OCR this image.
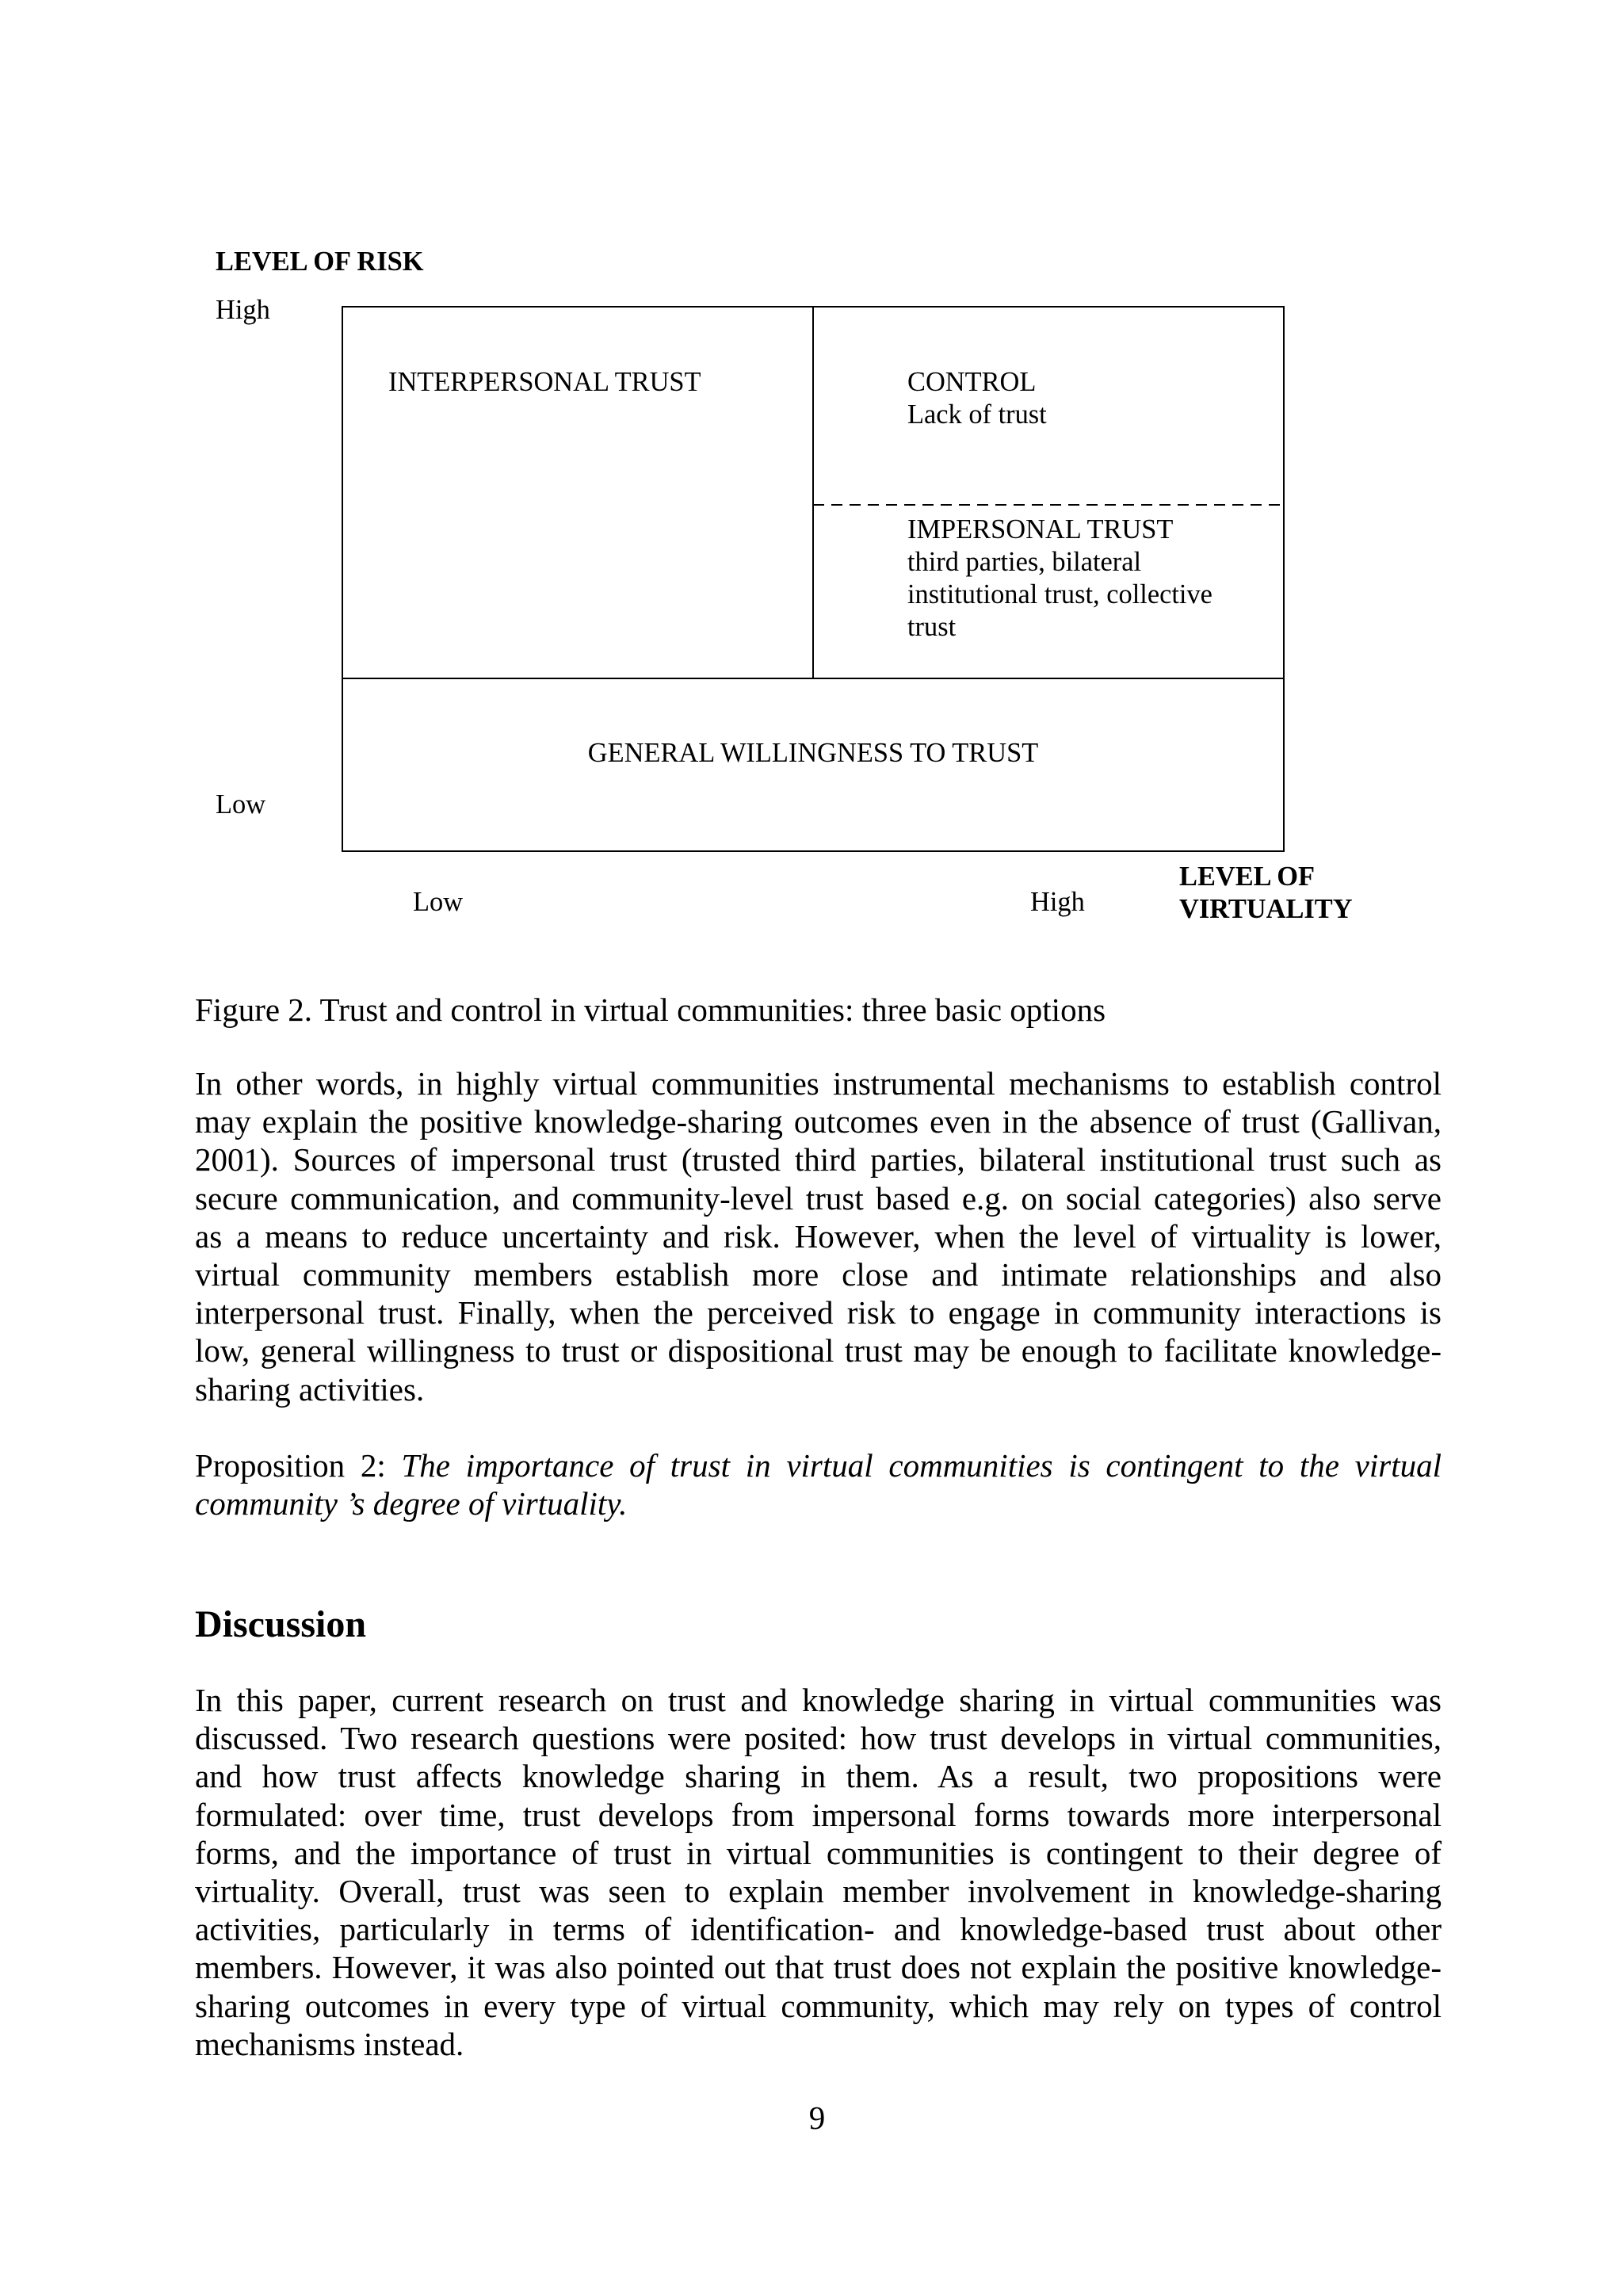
LEVEL OF RISK
High
Low
INTERPERSONAL TRUST	CONTROL
Lack of trust
IMPERSONAL TRUST
third parties, bilateral
institutional trust, collective
trust
GENERAL WILLINGNESS TO TRUST
Low	High
LEVEL OF
VIRTUALITY
Figure 2. Trust and control in virtual communities: three basic options
In other words, in highly virtual communities instrumental mechanisms to establish control
may explain the positive knowledge-sharing outcomes even in the absence of trust (Gallivan,
2001). Sources of impersonal trust (trusted third parties, bilateral institutional trust such as
secure communication, and community-level trust based e.g. on social categories) also serve
as a means to reduce uncertainty and risk. However, when the level of virtuality is lower,
virtual community members establish more close and intimate relationships and also
interpersonal trust. Finally, when the perceived risk to engage in community interactions is
low, general willingness to trust or dispositional trust may be enough to facilitate knowledge-
sharing activities.
Proposition 2: The importance of trust in virtual communities is contingent to the virtual
community ’s degree of virtuality.
Discussion
In this paper, current research on trust and knowledge sharing in virtual communities was
discussed. Two research questions were posited: how trust develops in virtual communities,
and how trust affects knowledge sharing in them. As a result, two propositions were
formulated: over time, trust develops from impersonal forms towards more interpersonal
forms, and the importance of trust in virtual communities is contingent to their degree of
virtuality. Overall, trust was seen to explain member involvement in knowledge-sharing
activities, particularly in terms of identification- and knowledge-based trust about other
members. However, it was also pointed out that trust does not explain the positive knowledge-
sharing outcomes in every type of virtual community, which may rely on types of control
mechanisms instead.
9
